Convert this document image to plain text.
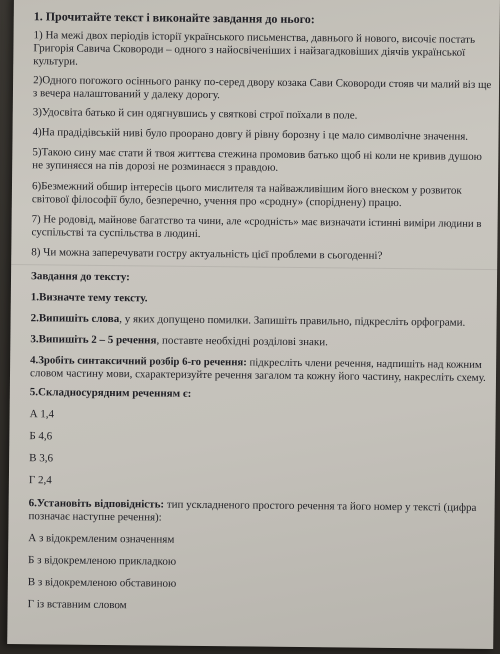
1. Прочитайте текст і виконайте завдання до нього:
1) На межі двох періодів історії українського письменства, давнього й нового, височіє постать
Григорія Савича Сковороди – одного з найосвіченіших і найзагадковіших діячів української
культури.
2)Одного погожого осіннього ранку по-серед двору козака Сави Сковороди стояв чи малий віз ще
з вечера налаштований у далеку дорогу.
3)Удосвіта батько й син одягнувшись у святкові строї поїхали в поле.
4)На прадідівській ниві було проорано довгу й рівну борозну і це мало символічне значення.
5)Такою сину має стати й твоя життєва стежина промовив батько щоб ні коли не кривив душою
не зупиняєся на пів дорозі не розминаєся з правдою.
6)Безмежний обшир інтересів цього мислителя та найважливішим його внеском у розвиток
світової філософії було, безперечно, учення про «сродну» (споріднену) працю.
7) Не родовід, майнове багатство та чини, але «сродність» має визначати істинні виміри людини в
суспільстві та суспільства в людині.
8) Чи можна заперечувати гостру актуальність цієї проблеми в сьогоденні?
Завдання до тексту:
1.Визначте тему тексту.
2.Випишіть слова, у яких допущено помилки. Запишіть правильно, підкресліть орфограми.
3.Випишіть 2 – 5 речення, поставте необхідні розділові знаки.
4.Зробіть синтаксичний розбір 6-го речення: підкресліть члени речення, надпишіть над кожним
словом частину мови, схарактеризуйте речення загалом та кожну його частину, накресліть схему.
5.Складносурядним реченням є:
А 1,4
Б 4,6
В 3,6
Г 2,4
6.Установіть відповідність: тип ускладненого простого речення та його номер у тексті (цифра
позначає наступне речення):
А з відокремленим означенням
Б з відокремленою прикладкою
В з відокремленою обставиною
Г із вставним словом
